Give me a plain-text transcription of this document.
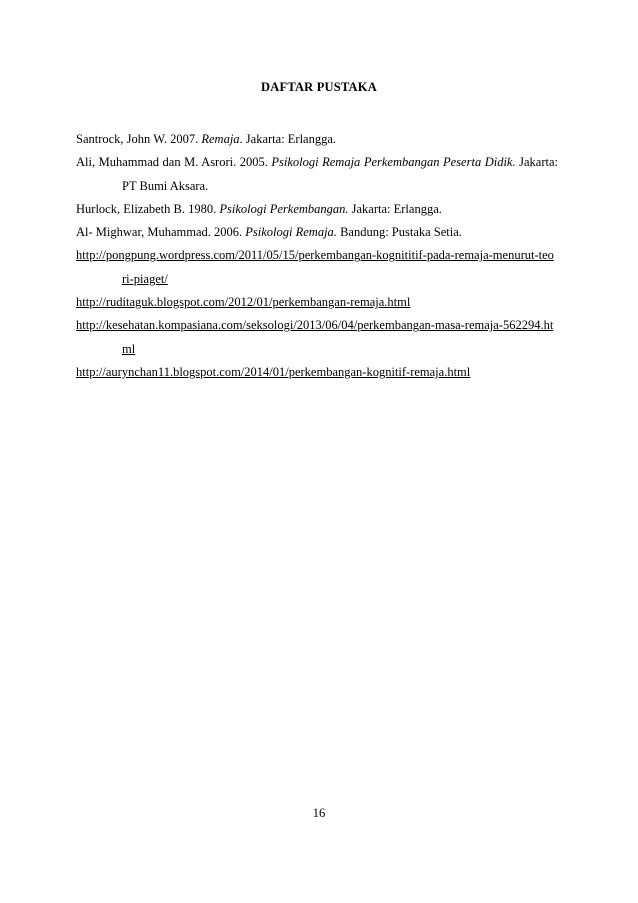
DAFTAR PUSTAKA

Santrock, John W. 2007. Remaja. Jakarta: Erlangga.

Ali, Muhammad dan M. Asrori. 2005. Psikologi Remaja Perkembangan Peserta Didik. Jakarta: PT Bumi Aksara.

Hurlock, Elizabeth B. 1980. Psikologi Perkembangan. Jakarta: Erlangga.

Al- Mighwar, Muhammad. 2006. Psikologi Remaja. Bandung: Pustaka Setia.

http://pongpung.wordpress.com/2011/05/15/perkembangan-kognititif-pada-remaja-menurut-teori-piaget/

http://ruditaguk.blogspot.com/2012/01/perkembangan-remaja.html

http://kesehatan.kompasiana.com/seksologi/2013/06/04/perkembangan-masa-remaja-562294.html

http://aurynchan11.blogspot.com/2014/01/perkembangan-kognitif-remaja.html

16
